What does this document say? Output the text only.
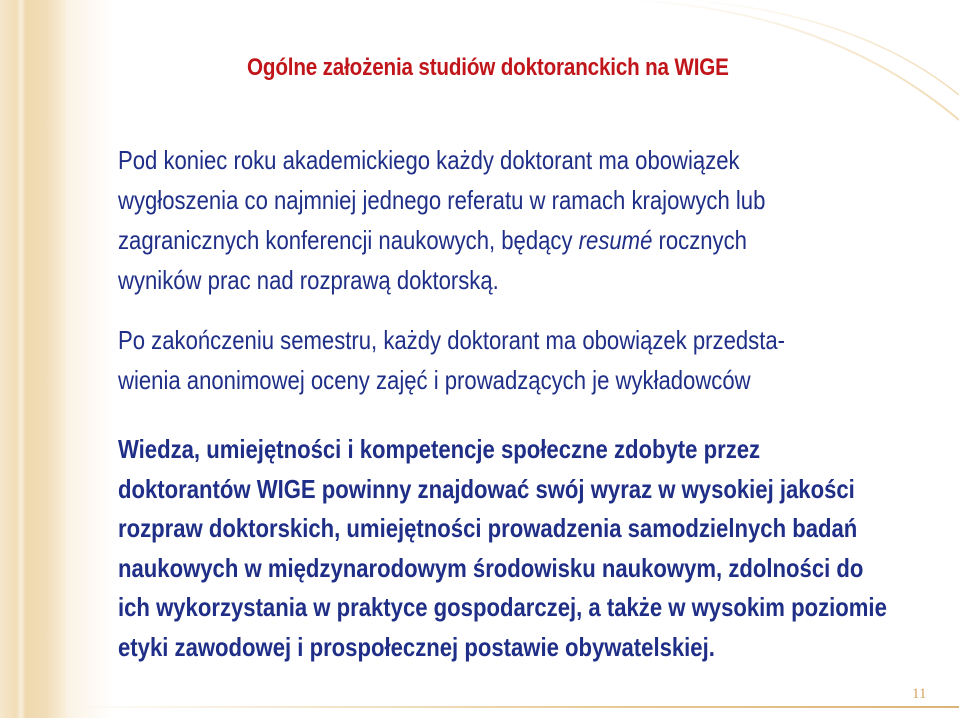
Ogólne założenia studiów doktoranckich na WIGE
Pod koniec roku akademickiego każdy doktorant ma obowiązek
wygłoszenia co najmniej jednego referatu w ramach krajowych lub
zagranicznych konferencji naukowych, będący resumé rocznych
wyników prac nad rozprawą doktorską.
Po zakończeniu semestru, każdy doktorant ma obowiązek przedsta-
wienia anonimowej oceny zajęć i prowadzących je wykładowców
Wiedza, umiejętności i kompetencje społeczne zdobyte przez
doktorantów WIGE powinny znajdować swój wyraz w wysokiej jakości
rozpraw doktorskich, umiejętności prowadzenia samodzielnych badań
naukowych w międzynarodowym środowisku naukowym, zdolności do
ich wykorzystania w praktyce gospodarczej, a także w wysokim poziomie
etyki zawodowej i prospołecznej postawie obywatelskiej.
11
